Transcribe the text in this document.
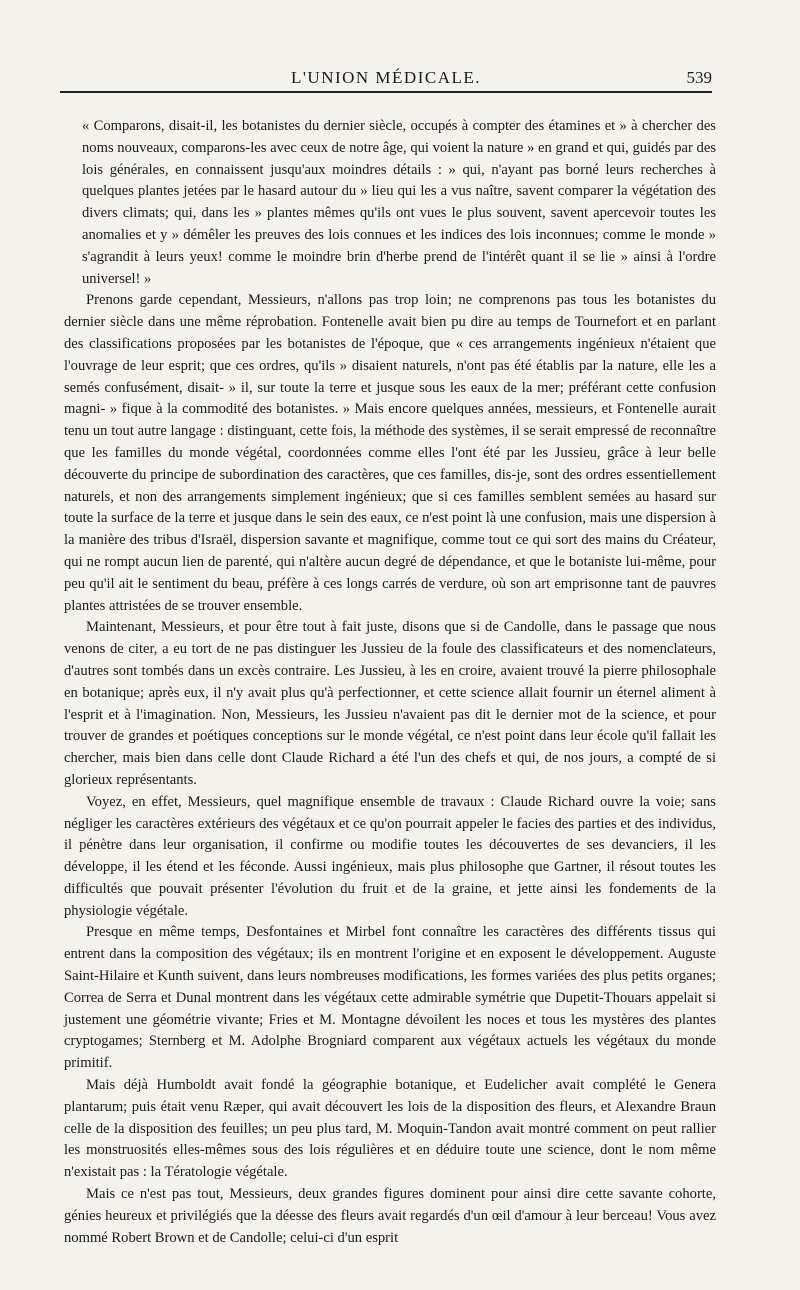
L'UNION MÉDICALE.	539

« Comparons, disait-il, les botanistes du dernier siècle, occupés à compter des étamines et » à chercher des noms nouveaux, comparons-les avec ceux de notre âge, qui voient la nature » en grand et qui, guidés par des lois générales, en connaissent jusqu'aux moindres détails : » qui, n'ayant pas borné leurs recherches à quelques plantes jetées par le hasard autour du » lieu qui les a vus naître, savent comparer la végétation des divers climats; qui, dans les » plantes mêmes qu'ils ont vues le plus souvent, savent apercevoir toutes les anomalies et y » démêler les preuves des lois connues et les indices des lois inconnues; comme le monde » s'agrandit à leurs yeux! comme le moindre brin d'herbe prend de l'intérêt quant il se lie » ainsi à l'ordre universel! »

Prenons garde cependant, Messieurs, n'allons pas trop loin; ne comprenons pas tous les botanistes du dernier siècle dans une même réprobation. Fontenelle avait bien pu dire au temps de Tournefort et en parlant des classifications proposées par les botanistes de l'époque, que « ces arrangements ingénieux n'étaient que l'ouvrage de leur esprit; que ces ordres, qu'ils » disaient naturels, n'ont pas été établis par la nature, elle les a semés confusément, disait- » il, sur toute la terre et jusque sous les eaux de la mer; préférant cette confusion magni- » fique à la commodité des botanistes. » Mais encore quelques années, messieurs, et Fontenelle aurait tenu un tout autre langage : distinguant, cette fois, la méthode des systèmes, il se serait empressé de reconnaître que les familles du monde végétal, coordonnées comme elles l'ont été par les Jussieu, grâce à leur belle découverte du principe de subordination des caractères, que ces familles, dis-je, sont des ordres essentiellement naturels, et non des arrangements simplement ingénieux; que si ces familles semblent semées au hasard sur toute la surface de la terre et jusque dans le sein des eaux, ce n'est point là une confusion, mais une dispersion à la manière des tribus d'Israël, dispersion savante et magnifique, comme tout ce qui sort des mains du Créateur, qui ne rompt aucun lien de parenté, qui n'altère aucun degré de dépendance, et que le botaniste lui-même, pour peu qu'il ait le sentiment du beau, préfère à ces longs carrés de verdure, où son art emprisonne tant de pauvres plantes attristées de se trouver ensemble.

Maintenant, Messieurs, et pour être tout à fait juste, disons que si de Candolle, dans le passage que nous venons de citer, a eu tort de ne pas distinguer les Jussieu de la foule des classificateurs et des nomenclateurs, d'autres sont tombés dans un excès contraire. Les Jussieu, à les en croire, avaient trouvé la pierre philosophale en botanique; après eux, il n'y avait plus qu'à perfectionner, et cette science allait fournir un éternel aliment à l'esprit et à l'imagination. Non, Messieurs, les Jussieu n'avaient pas dit le dernier mot de la science, et pour trouver de grandes et poétiques conceptions sur le monde végétal, ce n'est point dans leur école qu'il fallait les chercher, mais bien dans celle dont Claude Richard a été l'un des chefs et qui, de nos jours, a compté de si glorieux représentants.

Voyez, en effet, Messieurs, quel magnifique ensemble de travaux : Claude Richard ouvre la voie; sans négliger les caractères extérieurs des végétaux et ce qu'on pourrait appeler le facies des parties et des individus, il pénètre dans leur organisation, il confirme ou modifie toutes les découvertes de ses devanciers, il les développe, il les étend et les féconde. Aussi ingénieux, mais plus philosophe que Gartner, il résout toutes les difficultés que pouvait présenter l'évolution du fruit et de la graine, et jette ainsi les fondements de la physiologie végétale.

Presque en même temps, Desfontaines et Mirbel font connaître les caractères des différents tissus qui entrent dans la composition des végétaux; ils en montrent l'origine et en exposent le développement. Auguste Saint-Hilaire et Kunth suivent, dans leurs nombreuses modifications, les formes variées des plus petits organes; Correa de Serra et Dunal montrent dans les végétaux cette admirable symétrie que Dupetit-Thouars appelait si justement une géométrie vivante; Fries et M. Montagne dévoilent les noces et tous les mystères des plantes cryptogames; Sternberg et M. Adolphe Brogniard comparent aux végétaux actuels les végétaux du monde primitif.

Mais déjà Humboldt avait fondé la géographie botanique, et Eudelicher avait complété le Genera plantarum; puis était venu Ræper, qui avait découvert les lois de la disposition des fleurs, et Alexandre Braun celle de la disposition des feuilles; un peu plus tard, M. Moquin-Tandon avait montré comment on peut rallier les monstruosités elles-mêmes sous des lois régulières et en déduire toute une science, dont le nom même n'existait pas : la Tératologie végétale.

Mais ce n'est pas tout, Messieurs, deux grandes figures dominent pour ainsi dire cette savante cohorte, génies heureux et privilégiés que la déesse des fleurs avait regardés d'un œil d'amour à leur berceau! Vous avez nommé Robert Brown et de Candolle; celui-ci d'un esprit
